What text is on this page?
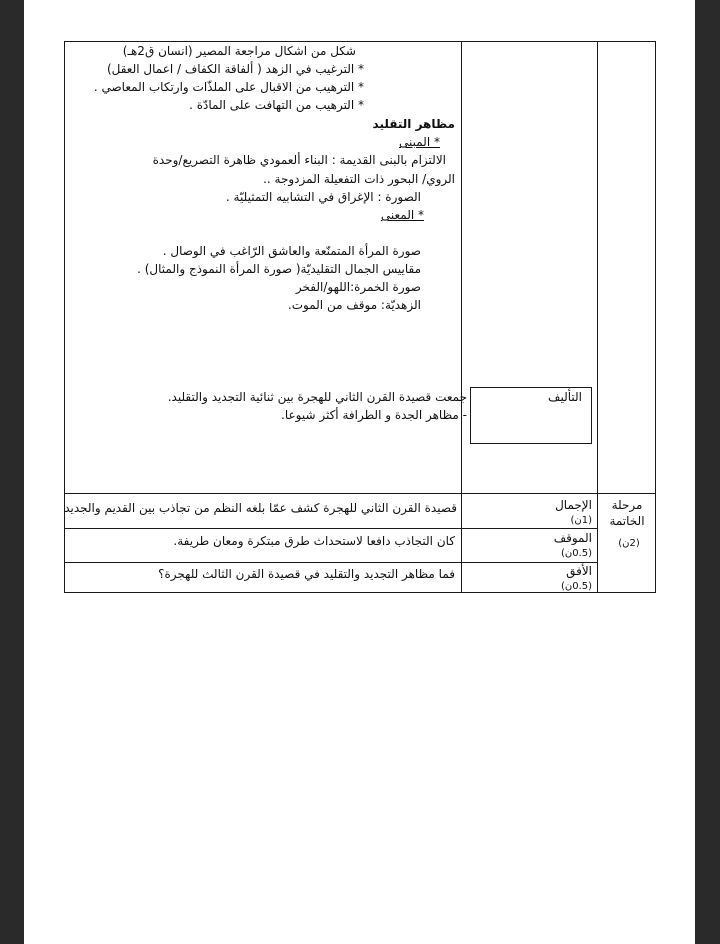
شكل من اشكال مراجعة المصير (انسان ق2هـ)
* الترغيب في الزهد ( ألفاقة الكفاف / اعمال العقل)
* الترهيب من الاقبال على الملذّات وارتكاب المعاصي .
* الترهيب من التهافت على المادّة .
مظاهر التقليد
* المبنى
الالتزام بالبنى القديمة : البناء ألعمودي ظاهرة التصريع/وحدة
الروي/ البحور ذات التفعيلة المزدوجة ..
الصورة : الإغراق في التشابيه التمثيليّة .
* المعنى
صورة المرأة المتمنّعة والعاشق الرّاغب في الوصال .
مقاييس الجمال التقليديّة( صورة المرأة النموذج والمثال) .
صورة الخمرة:اللهو/الفخر
الزهديّة: موقف من الموت.
التأليف
جمعت قصيدة القرن الثاني للهجرة بين ثنائية التجديد والتقليد.
- مظاهر الجدة و الطرافة أكثر شيوعا.
مرحلة الخاتمة
(2ن)
الإجمال
(1ن)
قصيدة القرن الثاني للهجرة كشف عمّا بلغه النظم من تجاذب بين القديم والجديد
الموقف
(0.5ن)
كان التجاذب دافعا لاستحداث طرق مبتكرة ومعان طريفة.
الأفق
(0.5ن)
فما مظاهر التجديد والتقليد في قصيدة القرن الثالث للهجرة؟
